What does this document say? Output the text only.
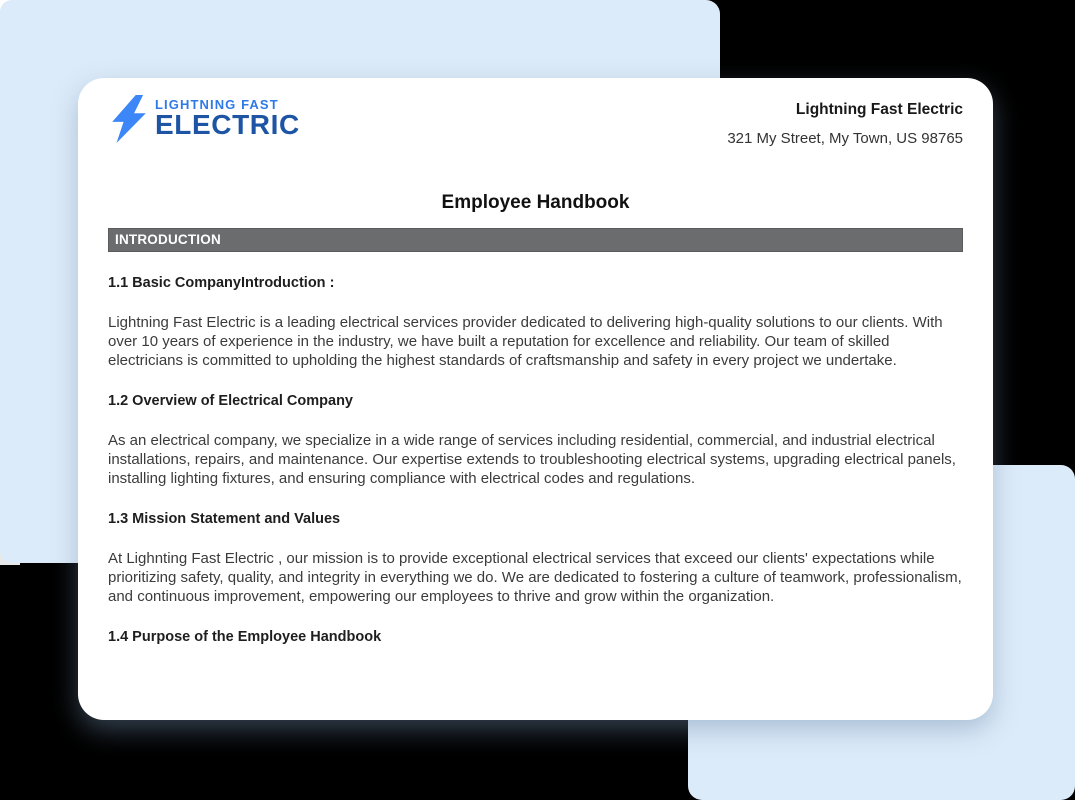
LIGHTNING FAST
ELECTRIC	Lightning Fast Electric
321 My Street, My Town, US 98765
Employee Handbook
INTRODUCTION

1.1 Basic CompanyIntroduction :

Lightning Fast Electric is a leading electrical services provider dedicated to delivering high-quality solutions to our clients. With over 10 years of experience in the industry, we have built a reputation for excellence and reliability. Our team of skilled electricians is committed to upholding the highest standards of craftsmanship and safety in every project we undertake.

1.2 Overview of Electrical Company

As an electrical company, we specialize in a wide range of services including residential, commercial, and industrial electrical installations, repairs, and maintenance. Our expertise extends to troubleshooting electrical systems, upgrading electrical panels, installing lighting fixtures, and ensuring compliance with electrical codes and regulations.

1.3 Mission Statement and Values

At Lighnting Fast Electric , our mission is to provide exceptional electrical services that exceed our clients' expectations while prioritizing safety, quality, and integrity in everything we do. We are dedicated to fostering a culture of teamwork, professionalism, and continuous improvement, empowering our employees to thrive and grow within the organization.

1.4 Purpose of the Employee Handbook
